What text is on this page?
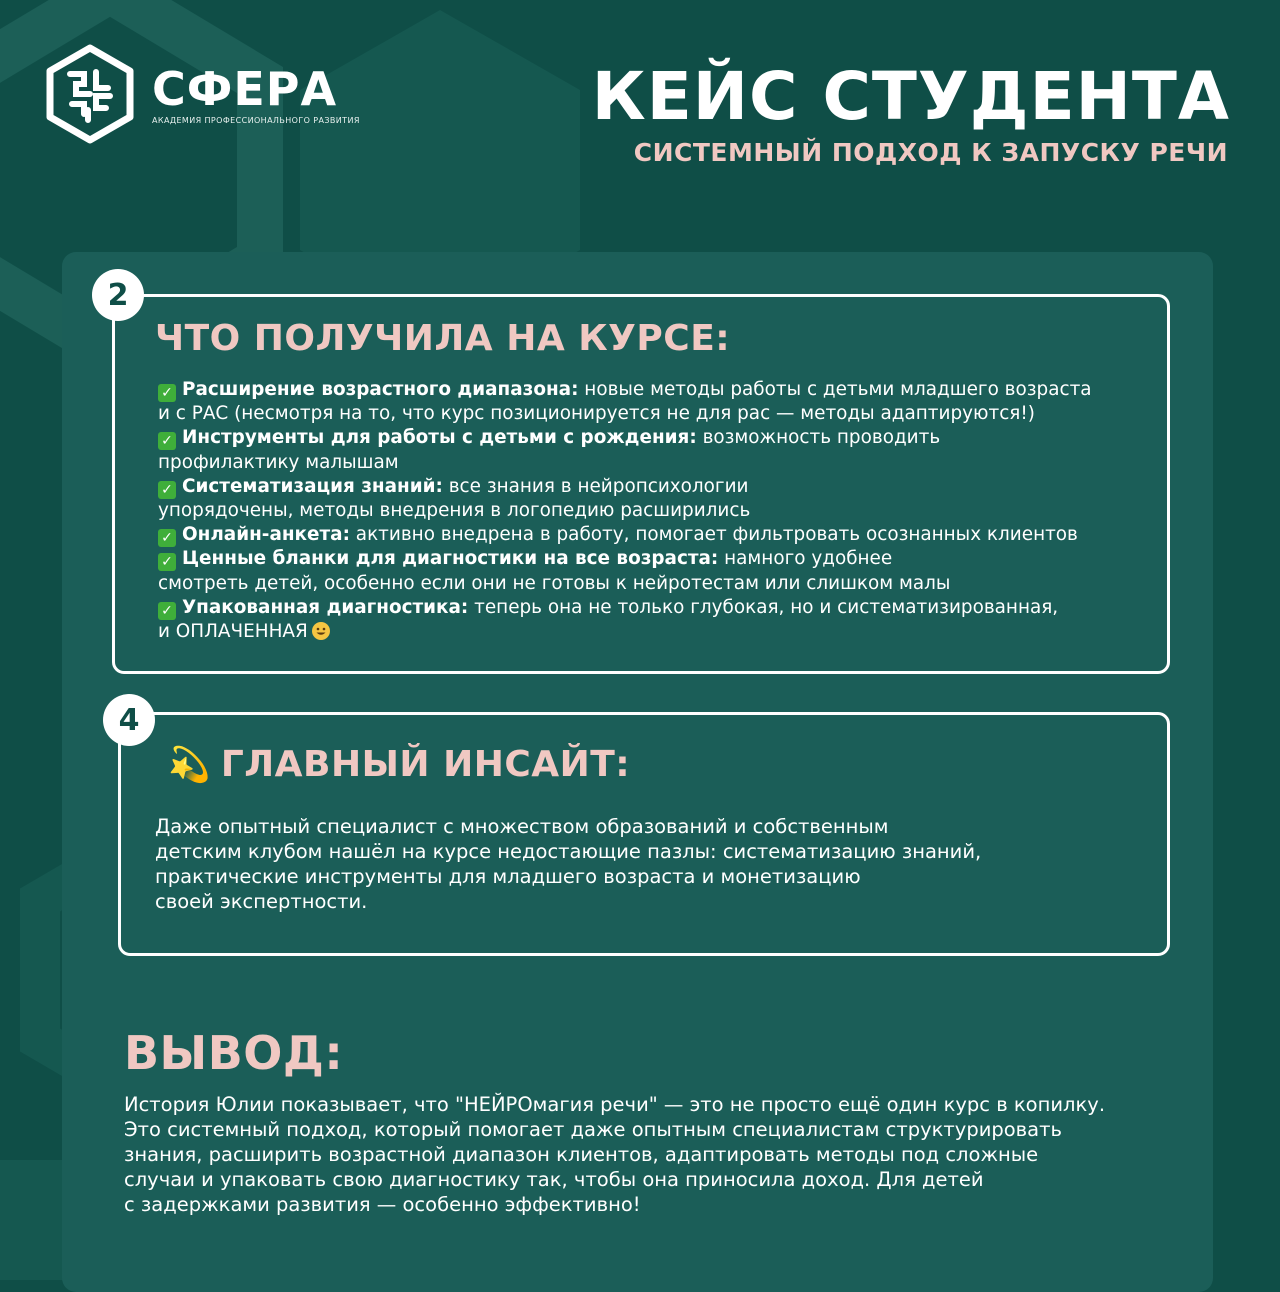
СФЕРА
АКАДЕМИЯ ПРОФЕССИОНАЛЬНОГО РАЗВИТИЯ	КЕЙС СТУДЕНТА
СИСТЕМНЫЙ ПОДХОД К ЗАПУСКУ РЕЧИ
2
ЧТО ПОЛУЧИЛА НА КУРСЕ:
✓ Расширение возрастного диапазона: новые методы работы с детьми младшего возраста
и с РАС (несмотря на то, что курс позиционируется не для рас — методы адаптируются!)
✓ Инструменты для работы с детьми с рождения: возможность проводить
профилактику малышам
✓ Систематизация знаний: все знания в нейропсихологии
упорядочены, методы внедрения в логопедию расширились
✓ Онлайн-анкета: активно внедрена в работу, помогает фильтровать осознанных клиентов
✓ Ценные бланки для диагностики на все возраста: намного удобнее
смотреть детей, особенно если они не готовы к нейротестам или слишком малы
✓ Упакованная диагностика: теперь она не только глубокая, но и систематизированная,
и ОПЛАЧЕННАЯ
4
💫 ГЛАВНЫЙ ИНСАЙТ:
Даже опытный специалист с множеством образований и собственным
детским клубом нашёл на курсе недостающие пазлы: систематизацию знаний,
практические инструменты для младшего возраста и монетизацию
своей экспертности.
ВЫВОД:
История Юлии показывает, что "НЕЙРОмагия речи" — это не просто ещё один курс в копилку.
Это системный подход, который помогает даже опытным специалистам структурировать
знания, расширить возрастной диапазон клиентов, адаптировать методы под сложные
случаи и упаковать свою диагностику так, чтобы она приносила доход. Для детей
с задержками развития — особенно эффективно!
